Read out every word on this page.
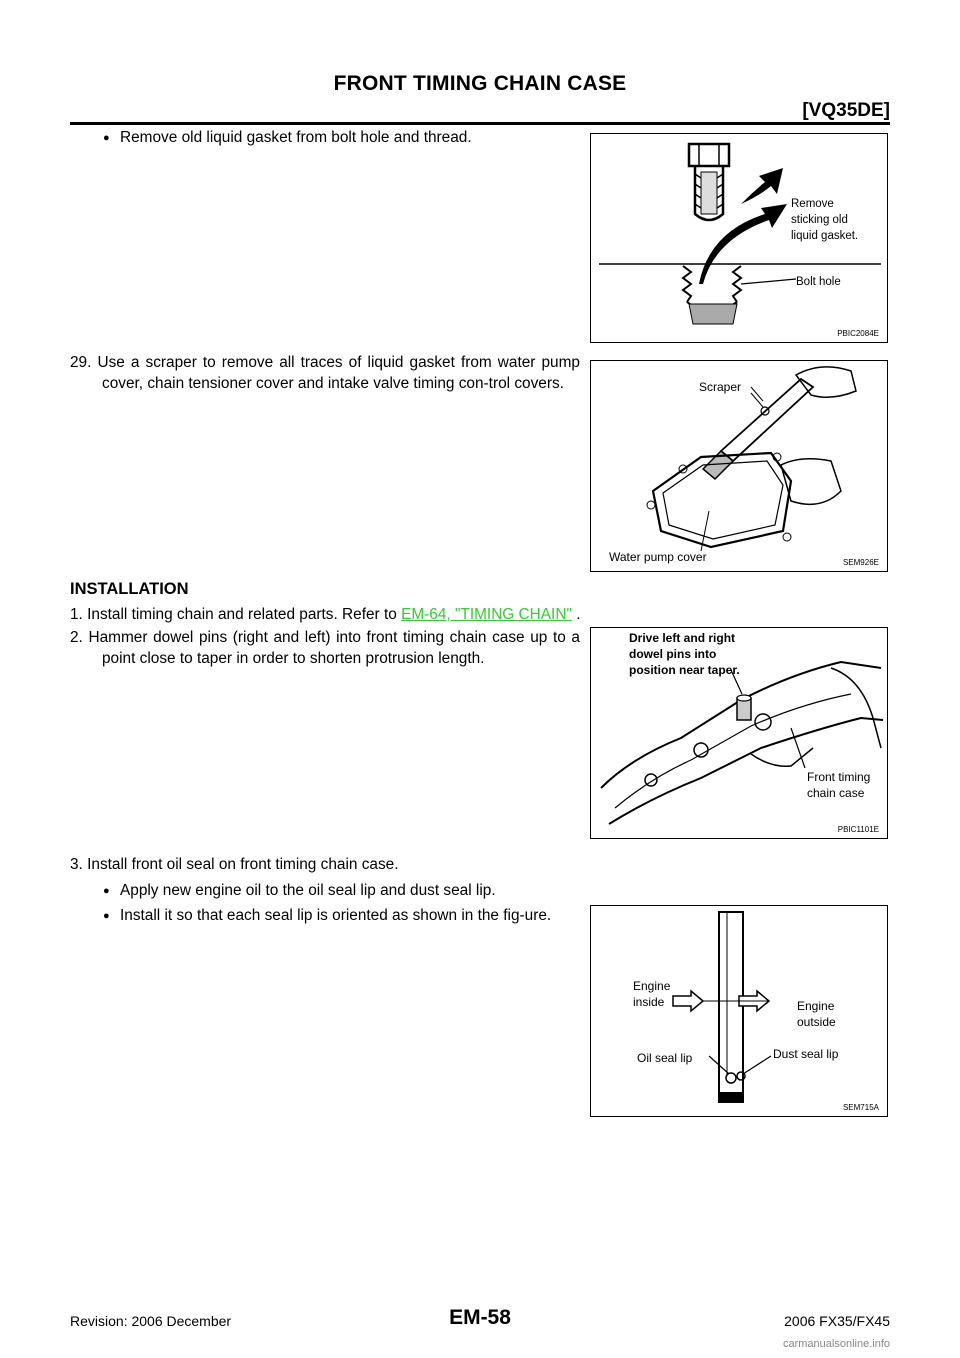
FRONT TIMING CHAIN CASE
[VQ35DE]
● Remove old liquid gasket from bolt hole and thread.
Remove
sticking old
liquid gasket.
Bolt hole
PBIC2084E
29. Use a scraper to remove all traces of liquid gasket from water pump cover, chain tensioner cover and intake valve timing con-trol covers.	Scraper
Water pump cover	SEM926E
INSTALLATION
1. Install timing chain and related parts. Refer to EM-64, "TIMING CHAIN" .
2. Hammer dowel pins (right and left) into front timing chain case up to a point close to taper in order to shorten protrusion length.
Drive left and right
dowel pins into
position near taper.
Front timing
chain case
PBIC1101E
3. Install front oil seal on front timing chain case.
● Apply new engine oil to the oil seal lip and dust seal lip.
● Install it so that each seal lip is oriented as shown in the fig-ure.
Engine
inside	Engine
outside
Oil seal lip	Dust seal lip
SEM715A
Revision: 2006 December	EM-58	2006 FX35/FX45
carmanualsonline.info
